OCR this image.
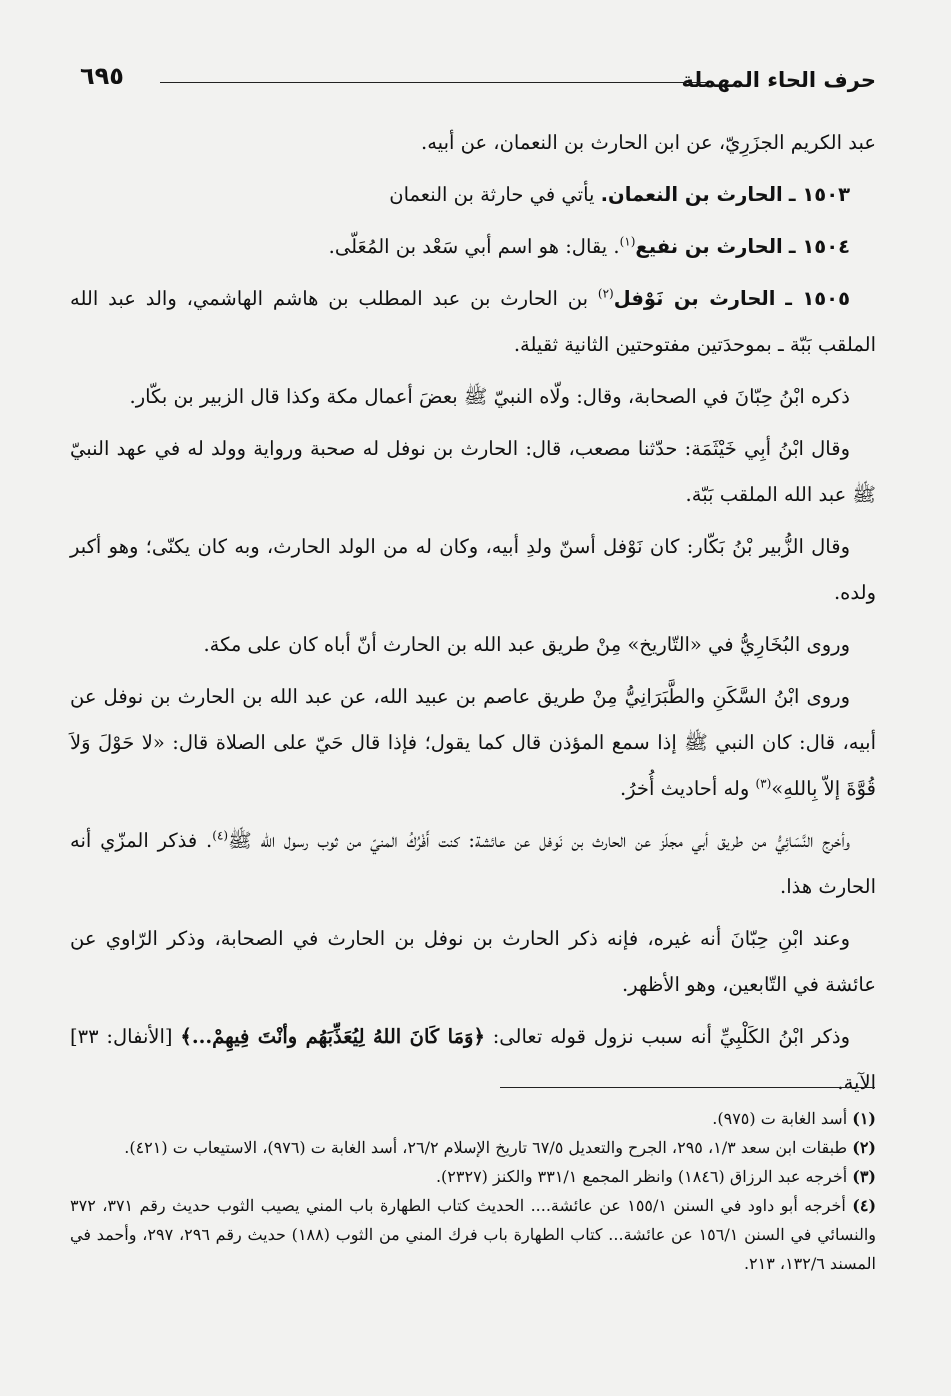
حرف الحاء المهملة
٦٩٥

عبد الكريم الجزَرِيّ، عن ابن الحارث بن النعمان، عن أبيه.

١٥٠٣ ـ الحارث بن النعمان. يأتي في حارثة بن النعمان

١٥٠٤ ـ الحارث بن نفيع$^{(١)}$. يقال: هو اسم أبي سَعْد بن المُعَلّى.

١٥٠٥ ـ الحارث بن نَوْفل$^{(٢)}$ بن الحارث بن عبد المطلب بن هاشم الهاشمي، والد عبد الله الملقب بَبّة ـ بموحدَتين مفتوحتين الثانية ثقيلة.

ذكره ابْنُ حِبّانَ في الصحابة، وقال: ولّاه النبيّ ﷺ بعضَ أعمال مكة وكذا قال الزبير بن بكّار.

وقال ابْنُ أبِي خَيْثَمَة: حدّثنا مصعب، قال: الحارث بن نوفل له صحبة ورواية وولد له في عهد النبيّ ﷺ عبد الله الملقب بَبّة.

وقال الزُّبير بْنُ بَكّار: كان نَوْفل أسنّ ولدِ أبيه، وكان له من الولد الحارث، وبه كان يكنّى؛ وهو أكبر ولده.

وروى البُخَارِيُّ في «التّاريخ» مِنْ طريق عبد الله بن الحارث أنّ أباه كان على مكة.

وروى ابْنُ السَّكَنِ والطَّبَرَانِيُّ مِنْ طريق عاصم بن عبيد الله، عن عبد الله بن الحارث بن نوفل عن أبيه، قال: كان النبي ﷺ إذا سمع المؤذن قال كما يقول؛ فإذا قال حَيّ على الصلاة قال: «لا حَوْلَ وَلاَ قُوَّةَ إلاّ بِاللهِ»$^{(٣)}$ وله أحاديث أُخرُ.

وأخرج النَّسَائِيُّ من طريق أبي مجلَز عن الحارث بن نَوفل عن عائشة: كنت أَفْرُكُ المنيّ من ثوب رسول الله ﷺ$^{(٤)}$. فذكر المزّي أنه الحارث هذا.

وعند ابْنِ حِبّانَ أنه غيره، فإنه ذكر الحارث بن نوفل بن الحارث في الصحابة، وذكر الرّاوي عن عائشة في التّابعين، وهو الأظهر.

وذكر ابْنُ الكَلْبِيِّ أنه سبب نزول قوله تعالى: ﴿وَمَا كَانَ اللهُ لِيُعَذِّبَهُم وأنْتَ فِيهِمْ...﴾ [الأنفال: ٣٣] الآية.

(١) أسد الغابة ت (٩٧٥).

(٢) طبقات ابن سعد ١/٣، ٢٩٥، الجرح والتعديل ٦٧/٥ تاريخ الإسلام ٢٦/٢، أسد الغابة ت (٩٧٦)، الاستيعاب ت (٤٢١).

(٣) أخرجه عبد الرزاق (١٨٤٦) وانظر المجمع ٣٣١/١ والكنز (٢٣٢٧).

(٤) أخرجه أبو داود في السنن ١٥٥/١ عن عائشة.... الحديث كتاب الطهارة باب المني يصيب الثوب حديث رقم ٣٧١، ٣٧٢ والنسائي في السنن ١٥٦/١ عن عائشة... كتاب الطهارة باب فرك المني من الثوب (١٨٨) حديث رقم ٢٩٦، ٢٩٧، وأحمد في المسند ١٣٢/٦، ٢١٣.
